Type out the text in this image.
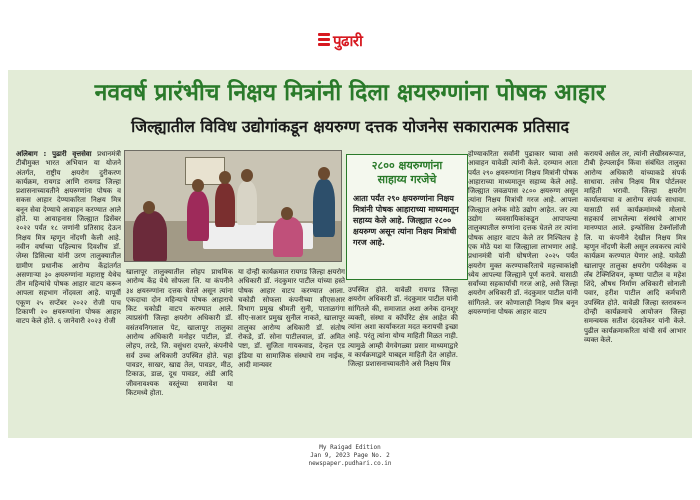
पुढारी
नववर्ष प्रारंभीच निक्षय मित्रांनी दिला क्षयरुग्णांना पोषक आहार
जिल्ह्यातील विविध उद्योगांकडून क्षयरुग्ण दत्तक योजनेस सकारात्मक प्रतिसाद
अलिबाग : पुढारी वृत्तसेवा प्रधानमंत्री टीबीमुक्त भारत अभियान या योजने अंतर्गत, राष्ट्रीय क्षयरोग दुरीकरण कार्यक्रम, रायगड आणि रायगड जिल्हा प्रशासनाच्यावतीने क्षयरुग्णांना पोषक व सकस आहार देण्याकरिता निक्षय मित्र बनून सेवा देण्याचे आवाहन करण्यात आले होते. या आवाहनास जिल्ह्यात डिसेंबर २०२२ पर्यंत १८ जणांनी प्रतिसाद देऊन निक्षय मित्र म्हणून नोंदणी केली आहे. नवीन वर्षाच्या पहिल्याच दिवशीच डॉ. जेम्स डिसिल्वा यांनी उरण तालुक्यातील ग्रामीण प्रधानीक आरोग्य केंद्रांतर्गत असणाऱ्या ३० क्षयरुग्णांना महाराष्ट्र येथेच तीन महिन्यांचे पोषक आहार वाटप करून आपला सहभाग नोंदवला आहे. यापूर्वी एकूण २५ सप्टेंबर २०२२ रोजी पाच टिकाणी २० क्षयरुग्णांना पोषक आहार वाटप केले होते. ६ जानेवारी २०२३ रोजी
खालापूर तालुक्यातील लोहप प्राथमिक आरोग्य केंद्र येथे सोफला लि. या कंपनीने ३४ क्षयरुग्णांना दत्तक घेतले असून त्यांना एकदाचा दोन महिन्याचे पोषक आहाराचे किट चकोडी वाटप करण्यात आले. त्याप्रसंगी जिल्हा क्षयरोग अधिकारी डॉ. वसंतवनिगलाल पेट, खालापूर तालुका आरोग्य अधिकारी मनोहर पाटील, डॉ. लोहप, तरडे, जि. वसुंधरा दफ्तरे, कंपनीचे सर्व उच्च अधिकारी उपस्थित होते. चहा पावडर, साखर, खाद्य तेल, पावडर, मीठ, टिकाऊ, डाळ, दूध पावडर, अंडी आदि जीवनावश्यक वस्तूंच्या समावेश या किटमध्ये होता.
या दोन्ही कार्यक्रमात रायगड जिल्हा क्षयरोग अधिकारी डॉ. नंदकुमार पाटील यांच्या हस्ते पोषक आहार वाटप करण्यात आला. चकोडी सोफला कंपनीच्या सीएसआर विभाग प्रमुख श्रीमती सुनी, पाताळगंगा सीए-सआर प्रमुख सुनील नाकते, खालापूर तालुका आरोग्य अधिकारी डॉ. संतोष रोकडे, डॉ. सोना पाटीलवाल, डॉ. अमित पष्टा, डॉ. सुजिता गायकवाड, देन्हल एड इंडिया या सामाजिक संस्थाचे राम नाईक, आदी मान्यवर
२८०० क्षयरुग्णांना
साहाय्य गरजेचे
आता पर्यंत २९० क्षयरुग्णांना निक्षय मित्रांनी पोषक आहाराच्या माध्यमातून सहाय्य केले आहे. जिल्ह्यात २८०० क्षयरुग्ण असून त्यांना निक्षय मित्रांची गरज आहे.
उपस्थित होते. यावेळी रायगड जिल्हा क्षयरोग अधिकारी डॉ. नंदकुमार पाटील यांनी सांगितले की, समाजात अशा अनेक दानशूर व्यक्ती, संस्था व कॉर्पोरेट क्षेत्र आहेत की त्यांना अशा कार्याकरता मदत करायची इच्छा आहे. परंतु त्यांना योग्य माहिती मिळत नाही. त्यामुळे आम्ही वेगवेगळ्या प्रसार माध्यमाद्वारे व कार्यक्रमाद्वारे याबद्दल माहिती देत आहोत. जिल्हा प्रशासनाच्यावतीने असे निक्षय मित्र
होण्याकरिता सर्वांनी पुढाकार घ्यावा असे आवाहन यावेळी त्यांनी केले. दरम्यान आता पर्यंत २९० क्षयरुग्णांना निक्षय मित्रांनी पोषक आहाराच्या माध्यमातून सहाय्य केले आहे. जिल्ह्यात जवळपास २८०० क्षयरुग्ण असून त्यांना निक्षय मित्रांची गरज आहे. आपला जिल्ह्यात अनेक मोठे उद्योग आहेत. जर त्या उद्योग व्यवसायिकांकडून आपापल्या तालुक्यातील रुग्णांना दत्तक घेतले तर त्यांना पोषक आहार वाटप केले तर निश्चितच हे एक मोठे यश या जिल्ह्याला लाभणार आहे. प्रधानमंत्री यांनी घोषणेला २०२५ पर्यंत क्षयरोग मुक्त करण्याकरिताचे महत्त्वाकांक्षी ध्येय आपल्या जिल्ह्याने पूर्ण करावे. यासाठी सर्वांच्या सहकार्याची गरज आहे, असे जिल्हा क्षयरोग अधिकारी डॉ. नंदकुमार पाटील यांनी सांगितले. जर कोणालाही निक्षय मित्र बनून क्षयरुग्णांना पोषक आहार वाटप
करायचे असेल तर, त्यांनी लेखीस्वरूपात, टीबी हेल्पलाईन किंवा संबंधित तालुका आरोग्य अधिकारी यांच्याकडे संपर्क साधावा. तसेच निक्षय मित्र पोर्टलवर माहिती भरावी. जिल्हा क्षयरोग कार्यालयाचा व आरोग्य संपर्क साधावा. यासाठी सर्व कार्यक्रमांमध्ये मोलाचे सहकार्य लाभलेल्या संस्थांचे आभार मानण्यात आले. इन्फोसिस टेक्नॉलॉजी लि. या कंपनीने देखील निक्षय मित्र म्हणून नोंदणी केली असून लवकरच त्यांचे कार्यक्रम करण्यात येणार आहे. यावेळी खालापूर तालुका क्षयरोग पर्यवेक्षक व लॅब टेक्निशियन, कृष्णा पाटील व महेश शिंदे, औषध निर्माण अधिकारी सोनाली पवार, हरीश पाटील आदि कर्मचारी उपस्थित होते. यावेळी जिल्हा स्तरावरून दोन्ही कार्यक्रमाचे आयोजन जिल्हा समन्वयक सतीश दंदवतेकर यांनी केले. पुढील कार्यक्रमाकरिता यांची सर्व आभार व्यक्त केले.
My Raigad Edition
Jan 9, 2023 Page No. 2
newspaper.pudhari.co.in
